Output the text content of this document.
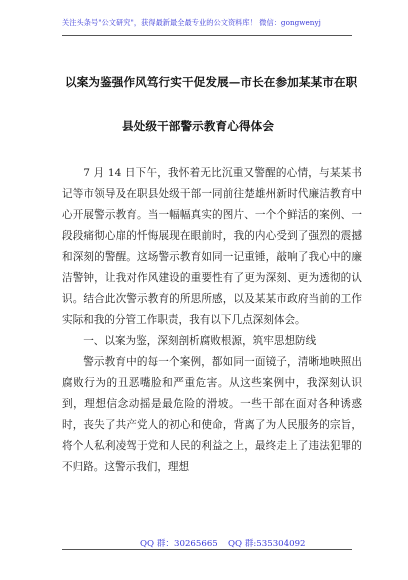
关注头条号"公文研究"，获得最新最全最专业的公文资料库！ 微信：gongwenyj
以案为鉴强作风笃行实干促发展—市长在参加某某市在职
县处级干部警示教育心得体会

7 月 14 日下午，我怀着无比沉重又警醒的心情，与某某书记等市领导及在职县处级干部一同前往楚雄州新时代廉洁教育中心开展警示教育。当一幅幅真实的图片、一个个鲜活的案例、一段段痛彻心扉的忏悔展现在眼前时，我的内心受到了强烈的震撼和深刻的警醒。这场警示教育如同一记重锤，敲响了我心中的廉洁警钟，让我对作风建设的重要性有了更为深刻、更为透彻的认识。结合此次警示教育的所思所感，以及某某市政府当前的工作实际和我的分管工作职责，我有以下几点深刻体会。

一、以案为鉴，深刻剖析腐败根源，筑牢思想防线

警示教育中的每一个案例，都如同一面镜子，清晰地映照出腐败行为的丑恶嘴脸和严重危害。从这些案例中，我深刻认识到，理想信念动摇是最危险的滑坡。一些干部在面对各种诱惑时，丧失了共产党人的初心和使命，背离了为人民服务的宗旨，将个人私利凌驾于党和人民的利益之上，最终走上了违法犯罪的不归路。这警示我们，理想

QQ 群：30265665 QQ 群:535304092
